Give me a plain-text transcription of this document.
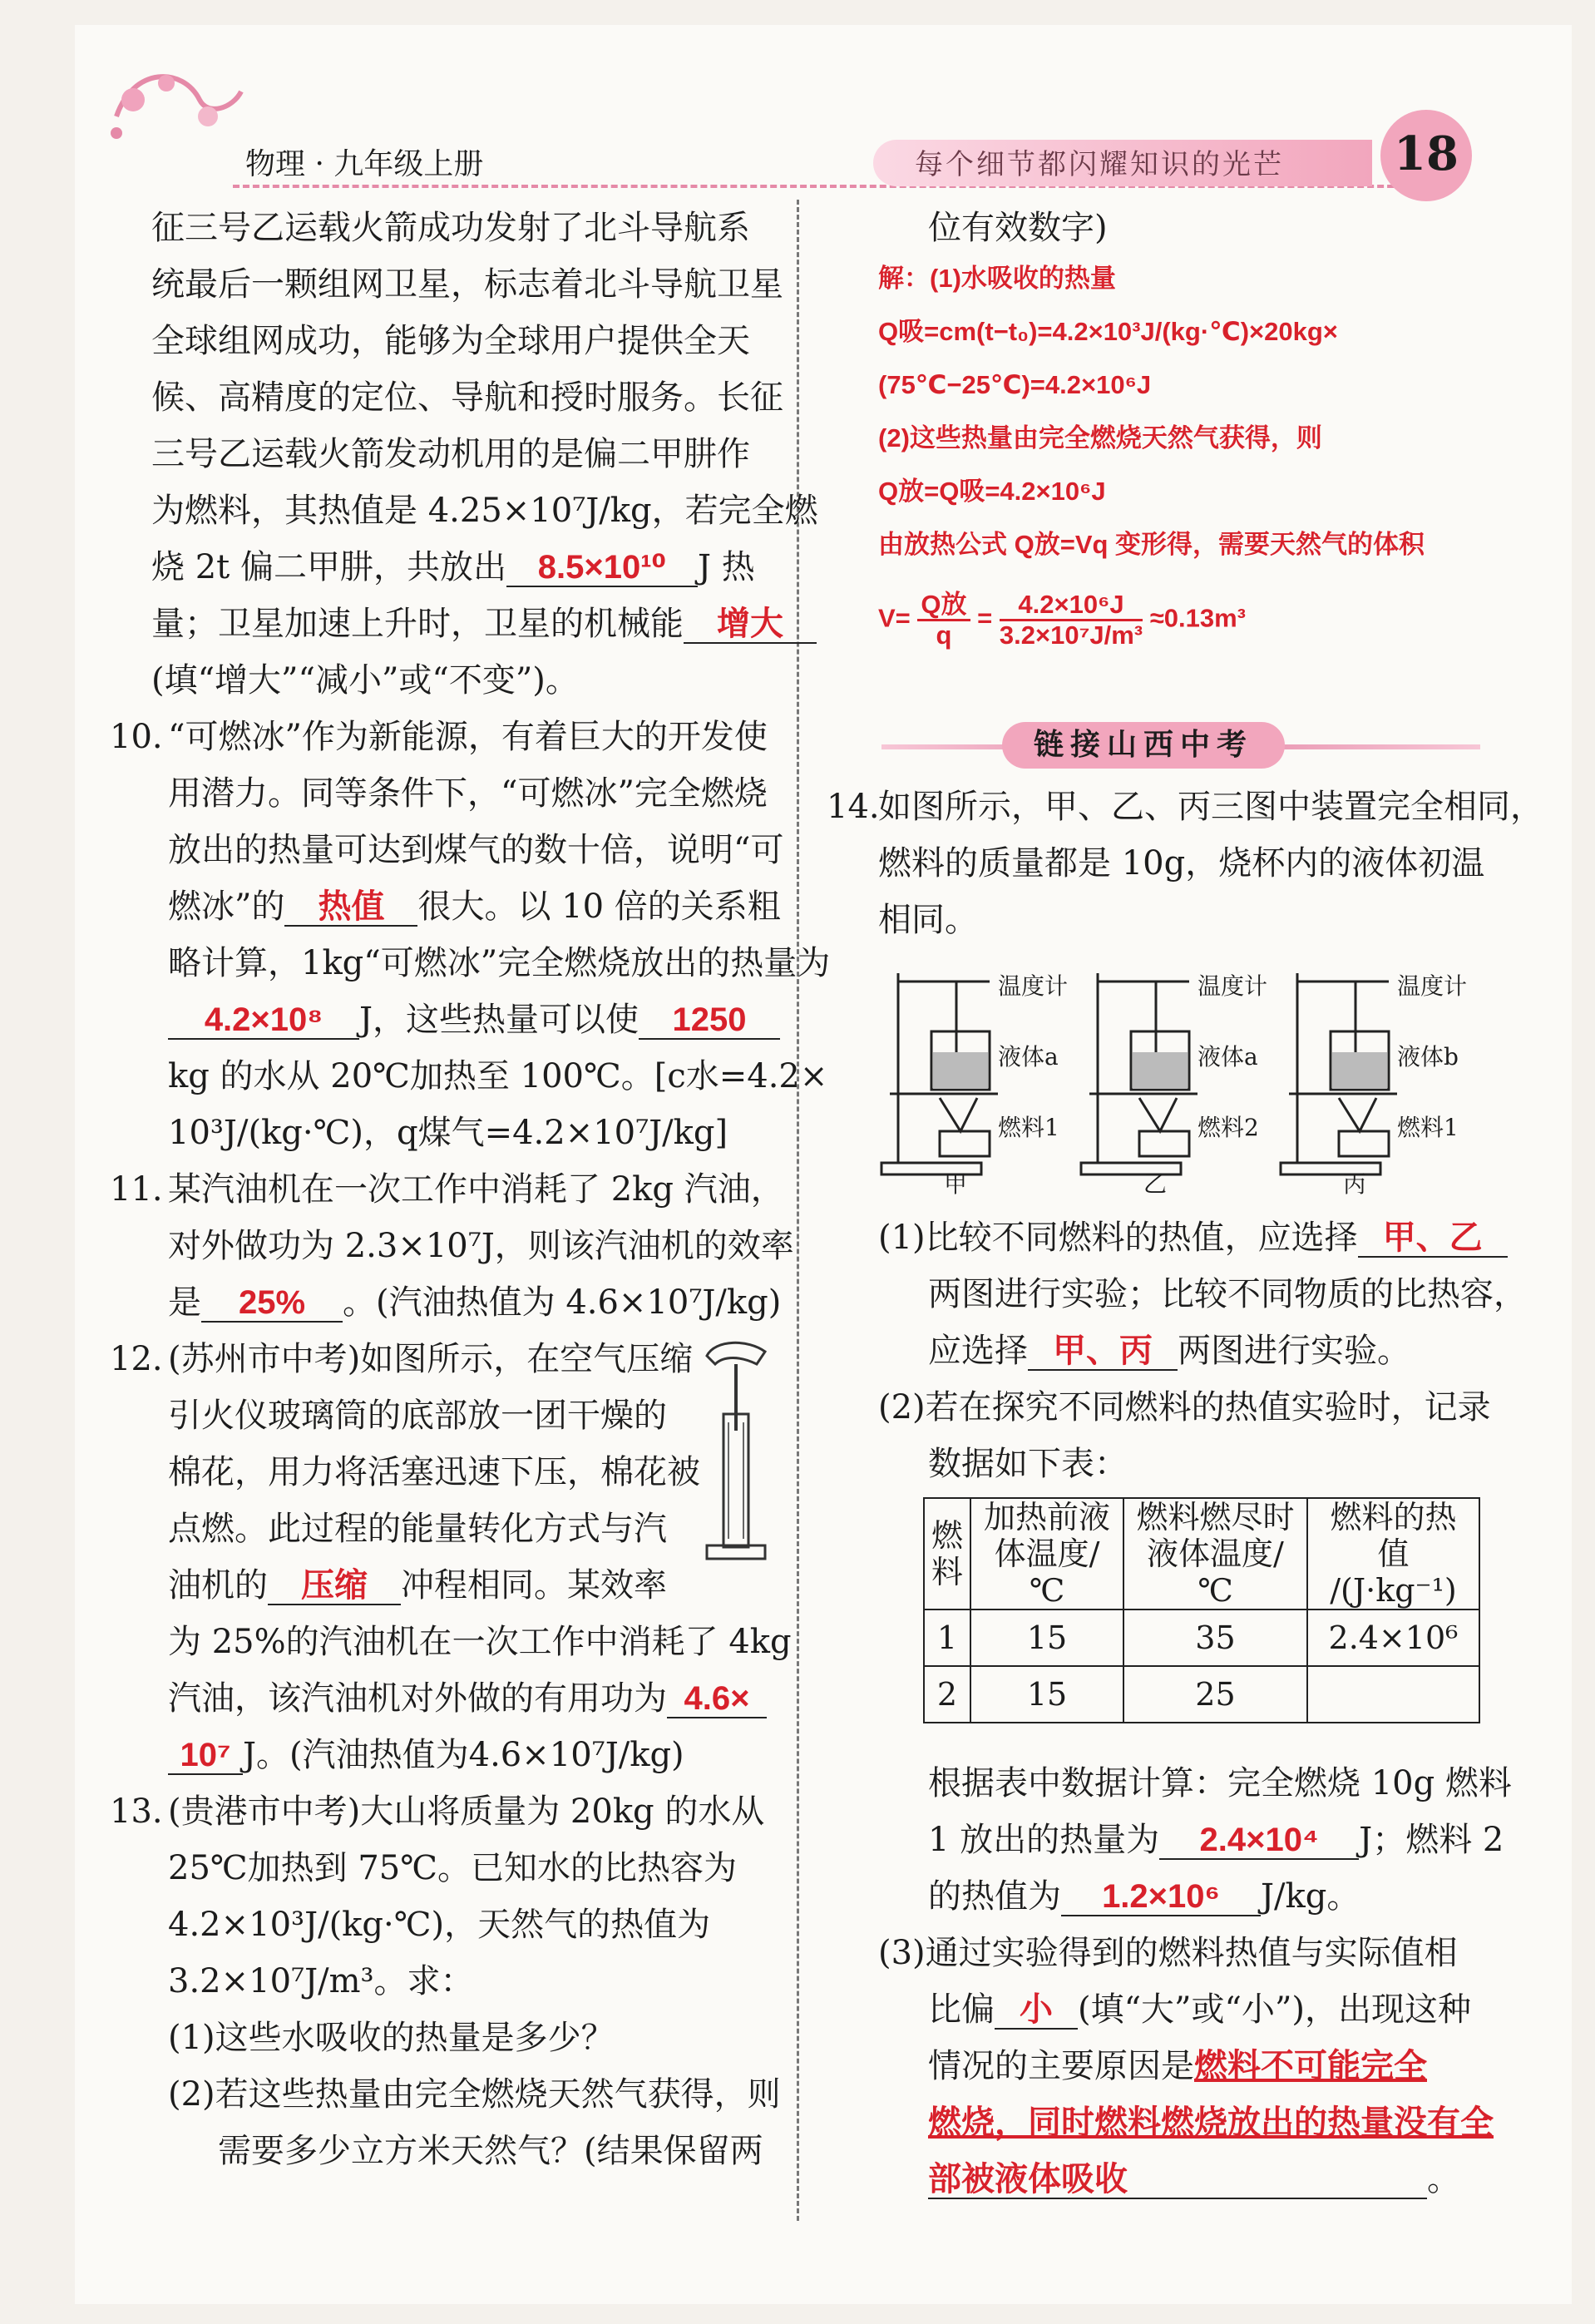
物理 · 九年级上册	每个细节都闪耀知识的光芒 18
征三号乙运载火箭成功发射了北斗导航系
统最后一颗组网卫星，标志着北斗导航卫星
全球组网成功，能够为全球用户提供全天
候、高精度的定位、导航和授时服务。长征
三号乙运载火箭发动机用的是偏二甲肼作
为燃料，其热值是 4.25×10⁷J/kg，若完全燃
烧 2t 偏二甲肼，共放出 8.5×10¹⁰ J 热
量；卫星加速上升时，卫星的机械能 增大
(填“增大”“减小”或“不变”)。
10. “可燃冰”作为新能源，有着巨大的开发使
用潜力。同等条件下，“可燃冰”完全燃烧
放出的热量可达到煤气的数十倍，说明“可
燃冰”的 热值 很大。以 10 倍的关系粗
略计算，1kg“可燃冰”完全燃烧放出的热量为
4.2×10⁸ J，这些热量可以使 1250
kg 的水从 20℃加热至 100℃。[c水=4.2×
10³J/(kg·℃)，q煤气=4.2×10⁷J/kg]
11. 某汽油机在一次工作中消耗了 2kg 汽油，
对外做功为 2.3×10⁷J，则该汽油机的效率
是 25% 。(汽油热值为 4.6×10⁷J/kg)
12. (苏州市中考)如图所示，在空气压缩
引火仪玻璃筒的底部放一团干燥的
棉花，用力将活塞迅速下压，棉花被
点燃。此过程的能量转化方式与汽
油机的 压缩 冲程相同。某效率
为 25%的汽油机在一次工作中消耗了 4kg
汽油，该汽油机对外做的有用功为 4.6×
10⁷ J。(汽油热值为4.6×10⁷J/kg)
13. (贵港市中考)大山将质量为 20kg 的水从
25℃加热到 75℃。已知水的比热容为
4.2×10³J/(kg·℃)，天然气的热值为
3.2×10⁷J/m³。求：
(1)这些水吸收的热量是多少？
(2)若这些热量由完全燃烧天然气获得，则
需要多少立方米天然气？(结果保留两
位有效数字)
解：(1)水吸收的热量
Q吸=cm(t−t₀)=4.2×10³J/(kg·℃)×20kg×
(75℃−25℃)=4.2×10⁶J
(2)这些热量由完全燃烧天然气获得，则
Q放=Q吸=4.2×10⁶J
由放热公式 Q放=Vq 变形得，需要天然气的体积
V= Q放
q
= $\frac{\text{4.2×10⁶J}}{\text{3.2×10⁷J/m³}} \approx 0.13m^3$
链接山西中考
14.
如图所示，甲、乙、丙三图中装置完全相同，
燃料的质量都是 10g，烧杯内的液体初温
相同。
温度计
液体a
燃料1
温度计
液体a
燃料2
温度计
液体b
燃料1
甲	乙	丙
(1)比较不同燃料的热值，应选择 甲、乙
两图进行实验；比较不同物质的比热容，
应选择 甲、丙 两图进行实验。
(2)若在探究不同燃料的热值实验时，记录
数据如下表：
燃
料	加热前液
体温度/℃	燃料燃尽时
液体温度/℃	燃料的热值
/(J·kg⁻¹)
1	15	35	2.4×10⁶
2	15	25	
根据表中数据计算：完全燃烧 10g 燃料
1 放出的热量为 2.4×10⁴ J；燃料 2
的热值为 1.2×10⁶ J/kg。
(3)通过实验得到的燃料热值与实际值相
比偏 小 (填“大”或“小”)，出现这种
情况的主要原因是燃料不可能完全
燃烧，同时燃料燃烧放出的热量没有全
部被液体吸收	。
